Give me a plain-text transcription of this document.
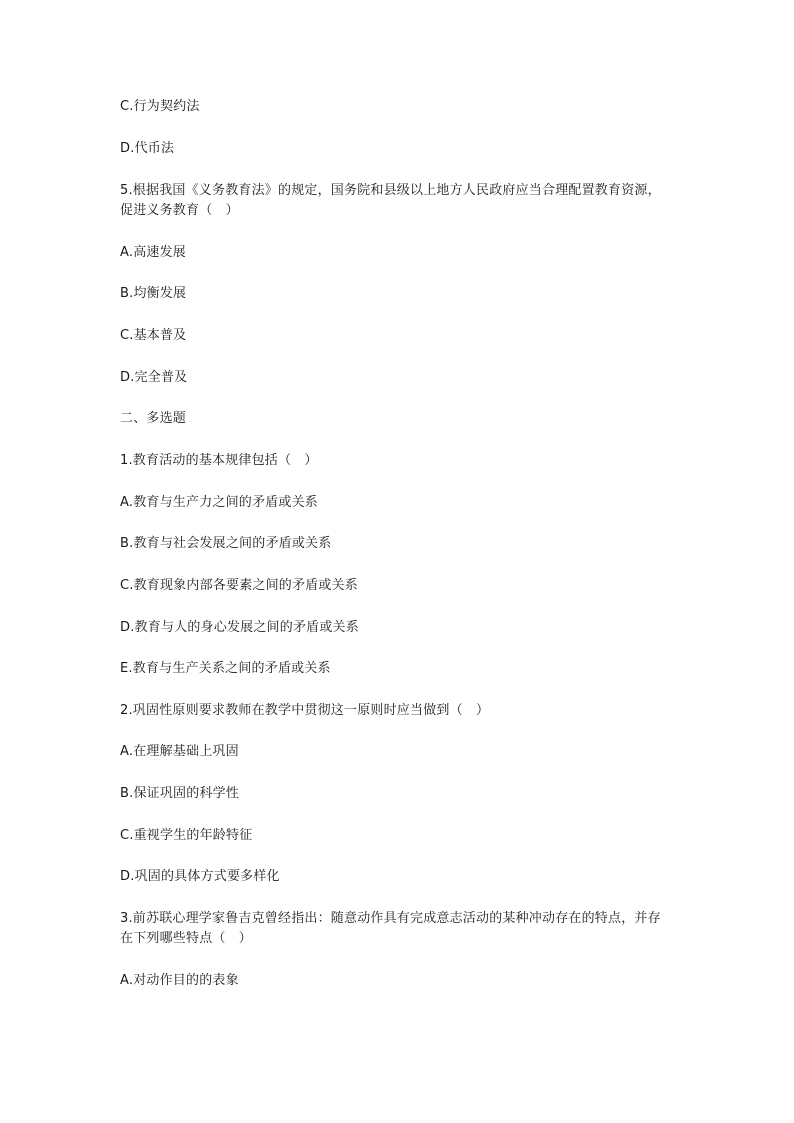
C.行为契约法
D.代币法
5.根据我国《义务教育法》的规定，国务院和县级以上地方人民政府应当合理配置教育资源，促进义务教育（　）
A.高速发展
B.均衡发展
C.基本普及
D.完全普及
二、多选题
1.教育活动的基本规律包括（　）
A.教育与生产力之间的矛盾或关系
B.教育与社会发展之间的矛盾或关系
C.教育现象内部各要素之间的矛盾或关系
D.教育与人的身心发展之间的矛盾或关系
E.教育与生产关系之间的矛盾或关系
2.巩固性原则要求教师在教学中贯彻这一原则时应当做到（　）
A.在理解基础上巩固
B.保证巩固的科学性
C.重视学生的年龄特征
D.巩固的具体方式要多样化
3.前苏联心理学家鲁吉克曾经指出：随意动作具有完成意志活动的某种冲动存在的特点，并存在下列哪些特点（　）
A.对动作目的的表象
